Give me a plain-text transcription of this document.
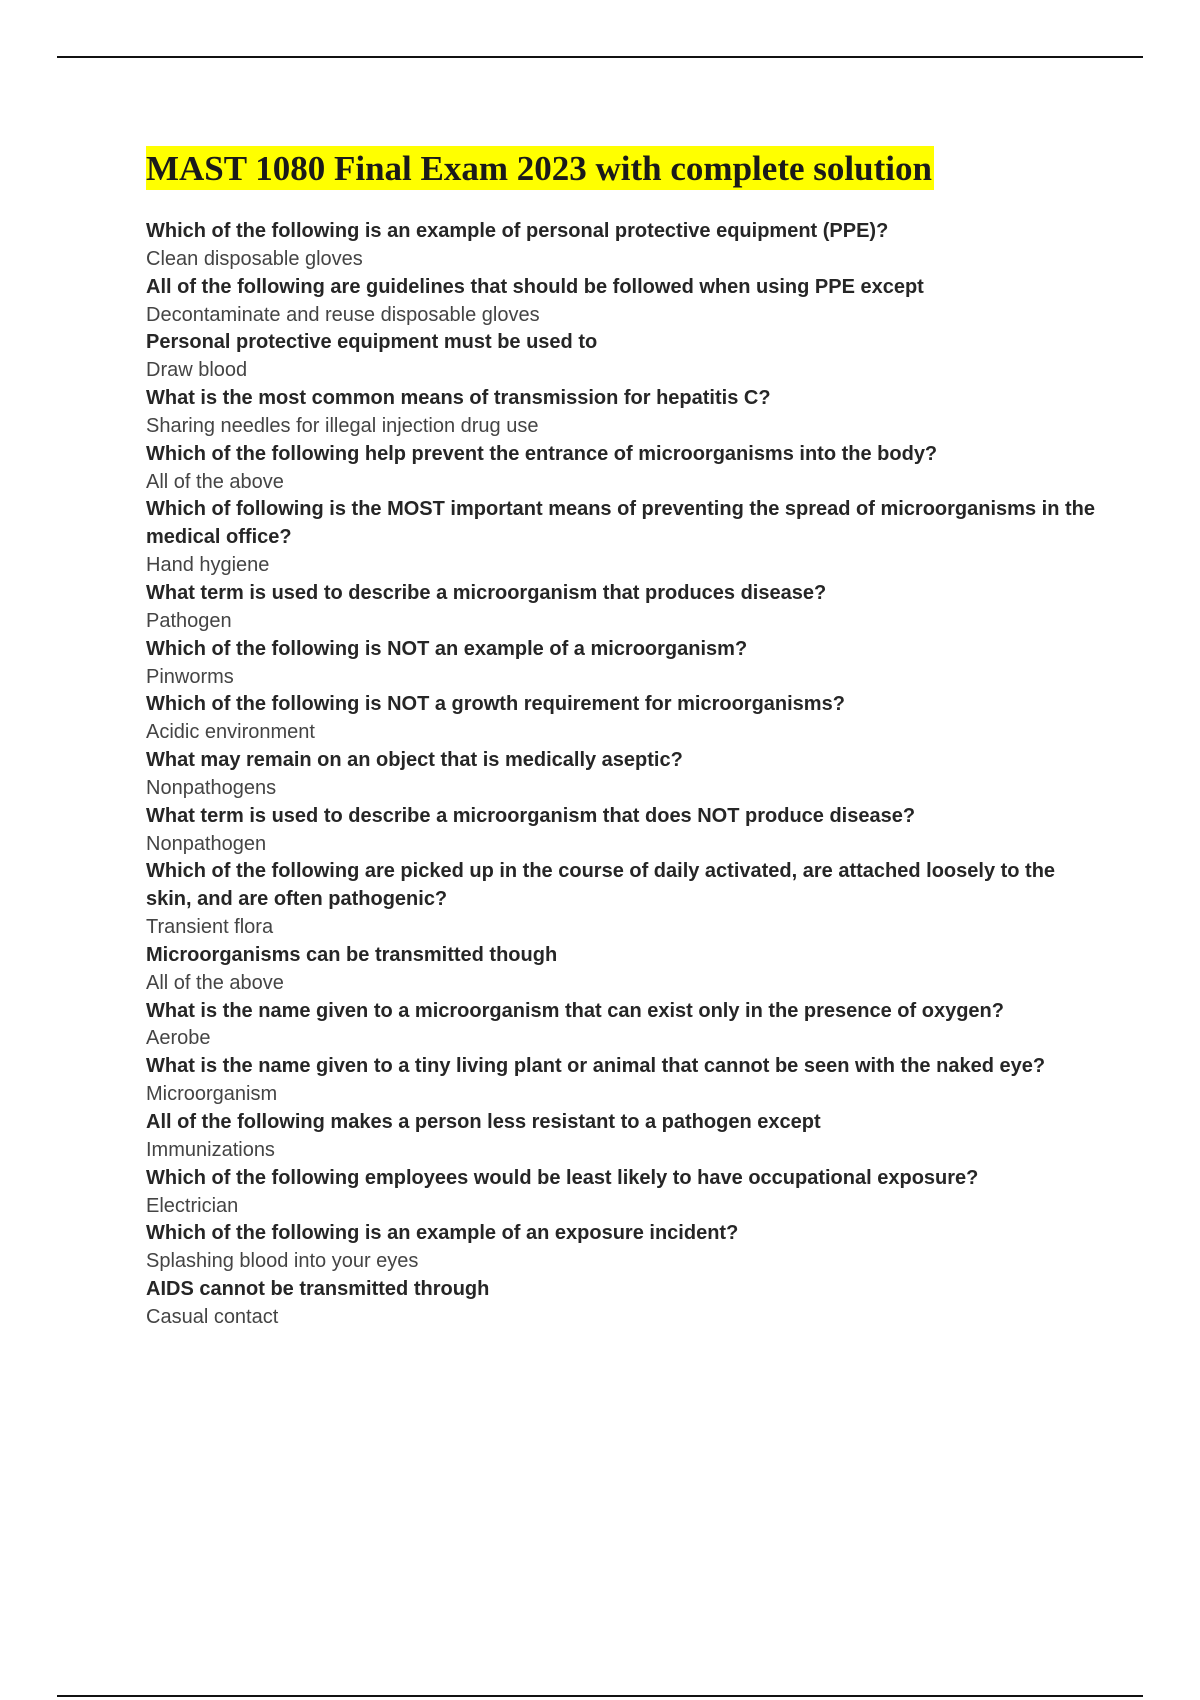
MAST 1080 Final Exam 2023 with complete solution
Which of the following is an example of personal protective equipment (PPE)?
Clean disposable gloves
All of the following are guidelines that should be followed when using PPE except
Decontaminate and reuse disposable gloves
Personal protective equipment must be used to
Draw blood
What is the most common means of transmission for hepatitis C?
Sharing needles for illegal injection drug use
Which of the following help prevent the entrance of microorganisms into the body?
All of the above
Which of following is the MOST important means of preventing the spread of microorganisms in the medical office?
Hand hygiene
What term is used to describe a microorganism that produces disease?
Pathogen
Which of the following is NOT an example of a microorganism?
Pinworms
Which of the following is NOT a growth requirement for microorganisms?
Acidic environment
What may remain on an object that is medically aseptic?
Nonpathogens
What term is used to describe a microorganism that does NOT produce disease?
Nonpathogen
Which of the following are picked up in the course of daily activated, are attached loosely to the skin, and are often pathogenic?
Transient flora
Microorganisms can be transmitted though
All of the above
What is the name given to a microorganism that can exist only in the presence of oxygen?
Aerobe
What is the name given to a tiny living plant or animal that cannot be seen with the naked eye?
Microorganism
All of the following makes a person less resistant to a pathogen except
Immunizations
Which of the following employees would be least likely to have occupational exposure?
Electrician
Which of the following is an example of an exposure incident?
Splashing blood into your eyes
AIDS cannot be transmitted through
Casual contact
